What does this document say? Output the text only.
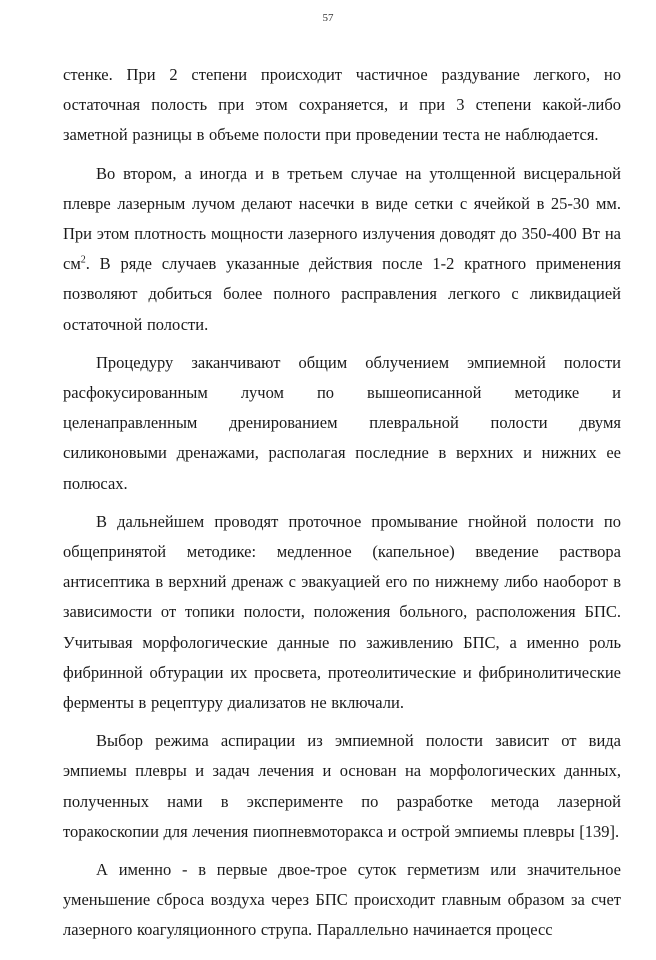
57

стенке. При 2 степени происходит частичное раздувание легкого, но остаточная полость при этом сохраняется, и при 3 степени какой-либо заметной разницы в объеме полости при проведении теста не наблюдается.

Во втором, а иногда и в третьем случае на утолщенной висцеральной плевре лазерным лучом делают насечки в виде сетки с ячейкой в 25-30 мм. При этом плотность мощности лазерного излучения доводят до 350-400 Вт на $см^2$. В ряде случаев указанные действия после 1-2 кратного применения позволяют добиться более полного расправления легкого с ликвидацией остаточной полости.

Процедуру заканчивают общим облучением эмпиемной полости расфокусированным лучом по вышеописанной методике и целенаправленным дренированием плевральной полости двумя силиконовыми дренажами, располагая последние в верхних и нижних ее полюсах.

В дальнейшем проводят проточное промывание гнойной полости по общепринятой методике: медленное (капельное) введение раствора антисептика в верхний дренаж с эвакуацией его по нижнему либо наоборот в зависимости от топики полости, положения больного, расположения БПС. Учитывая морфологические данные по заживлению БПС, а именно роль фибринной обтурации их просвета, протеолитические и фибринолитические ферменты в рецептуру диализатов не включали.

Выбор режима аспирации из эмпиемной полости зависит от вида эмпиемы плевры и задач лечения и основан на морфологических данных, полученных нами в эксперименте по разработке метода лазерной торакоскопии для лечения пиопневмоторакса и острой эмпиемы плевры [139].

А именно - в первые двое-трое суток герметизм или значительное уменьшение сброса воздуха через БПС происходит главным образом за счет лазерного коагуляционного струпа. Параллельно начинается процесс
